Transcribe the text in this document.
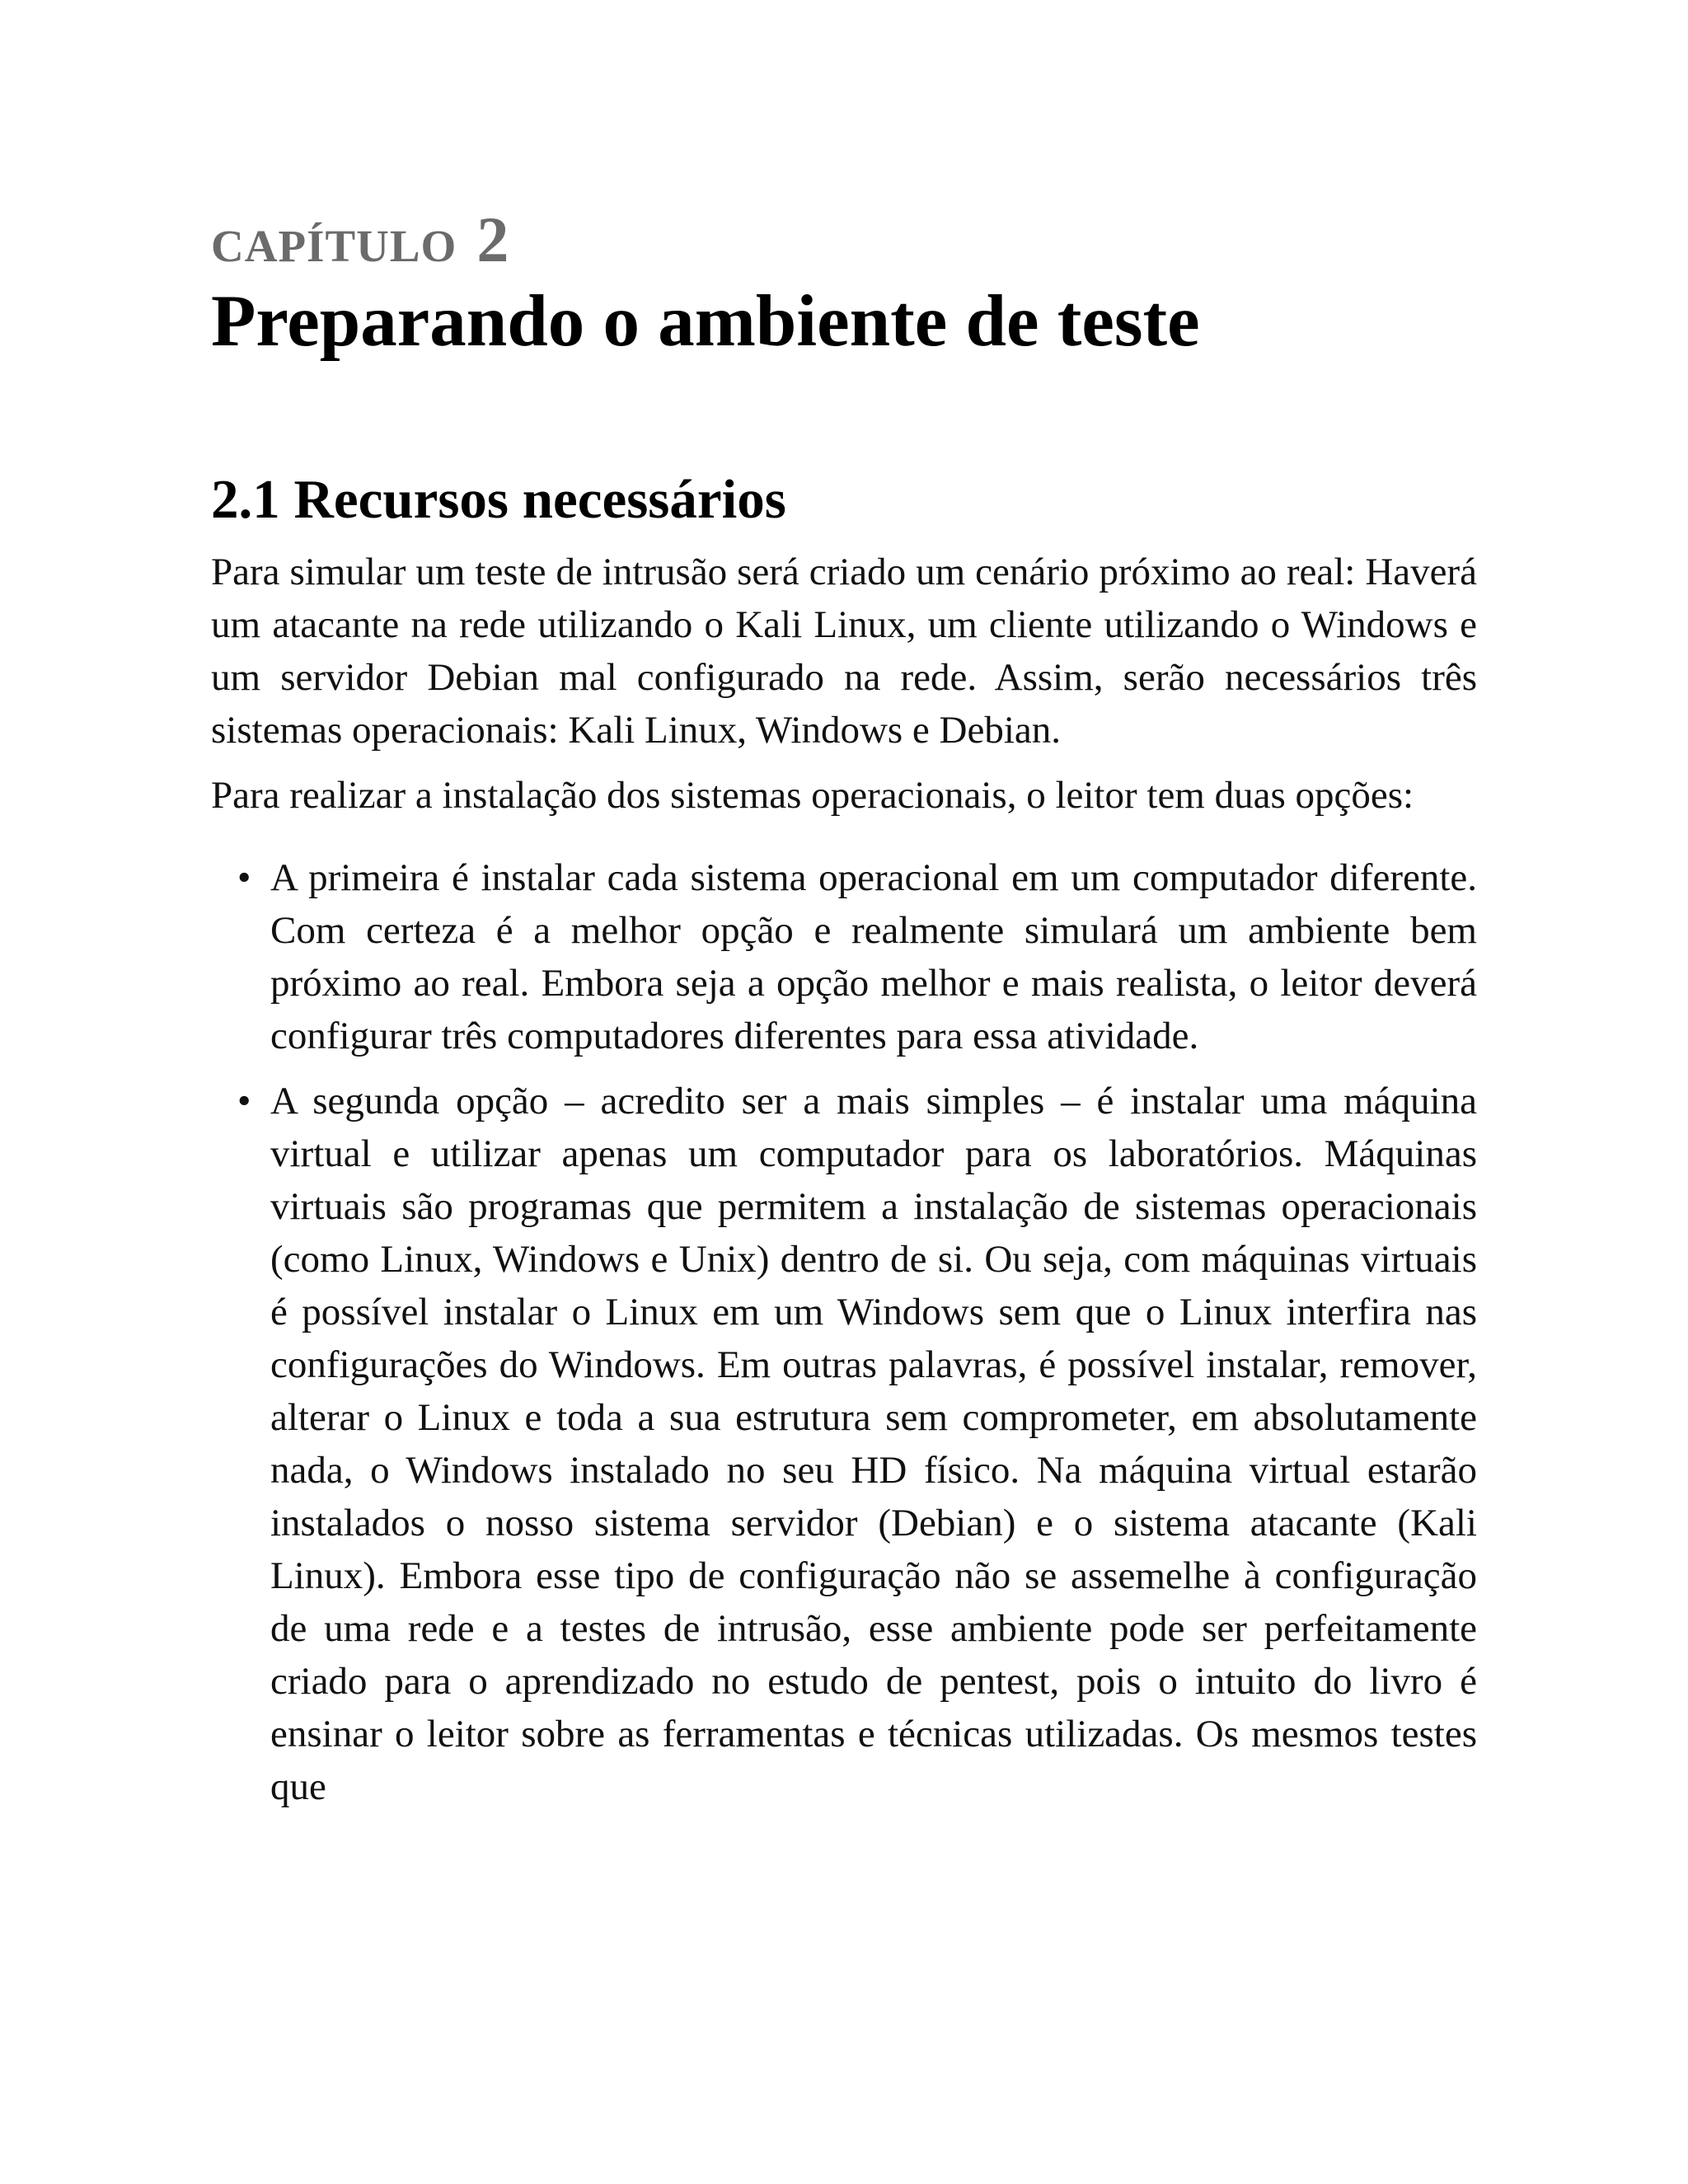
CAPÍTULO 2
Preparando o ambiente de teste
2.1 Recursos necessários

Para simular um teste de intrusão será criado um cenário próximo ao real: Haverá um atacante na rede utilizando o Kali Linux, um cliente utilizando o Windows e um servidor Debian mal configurado na rede. Assim, serão necessários três sistemas operacionais: Kali Linux, Windows e Debian.

Para realizar a instalação dos sistemas operacionais, o leitor tem duas opções:

• A primeira é instalar cada sistema operacional em um computador diferente. Com certeza é a melhor opção e realmente simulará um ambiente bem próximo ao real. Embora seja a opção melhor e mais realista, o leitor deverá configurar três computadores diferentes para essa atividade.
• A segunda opção – acredito ser a mais simples – é instalar uma máquina virtual e utilizar apenas um computador para os laboratórios. Máquinas virtuais são programas que permitem a instalação de sistemas operacionais (como Linux, Windows e Unix) dentro de si. Ou seja, com máquinas virtuais é possível instalar o Linux em um Windows sem que o Linux interfira nas configurações do Windows. Em outras palavras, é possível instalar, remover, alterar o Linux e toda a sua estrutura sem comprometer, em absolutamente nada, o Windows instalado no seu HD físico. Na máquina virtual estarão instalados o nosso sistema servidor (Debian) e o sistema atacante (Kali Linux). Embora esse tipo de configuração não se assemelhe à configuração de uma rede e a testes de intrusão, esse ambiente pode ser perfeitamente criado para o aprendizado no estudo de pentest, pois o intuito do livro é ensinar o leitor sobre as ferramentas e técnicas utilizadas. Os mesmos testes que
